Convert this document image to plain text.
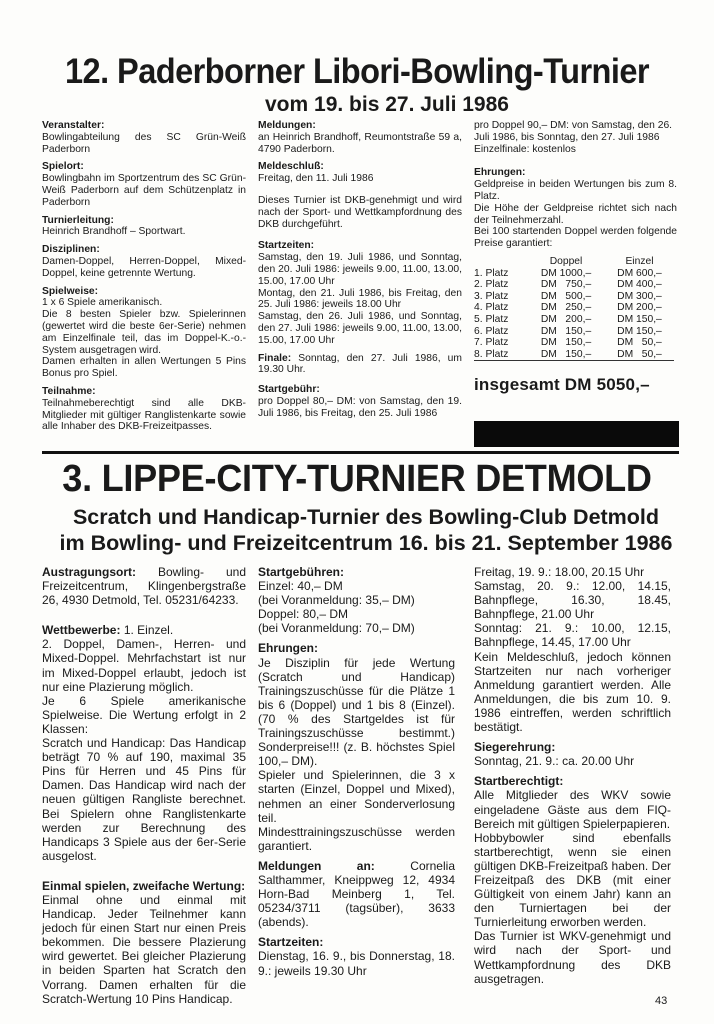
12. Paderborner Libori-Bowling-Turnier
vom 19. bis 27. Juli 1986
Veranstalter:
Bowlingabteilung des SC Grün-Weiß Paderborn
Spielort:
Bowlingbahn im Sportzentrum des SC Grün-Weiß Paderborn auf dem Schützenplatz in Paderborn
Turnierleitung:
Heinrich Brandhoff – Sportwart.
Disziplinen:
Damen-Doppel, Herren-Doppel, Mixed-Doppel, keine getrennte Wertung.
Spielweise:
1 x 6 Spiele amerikanisch.
Die 8 besten Spieler bzw. Spielerinnen (gewertet wird die beste 6er-Serie) nehmen am Einzelfinale teil, das im Doppel-K.-o.-System ausgetragen wird.
Damen erhalten in allen Wertungen 5 Pins Bonus pro Spiel.
Teilnahme:
Teilnahmeberechtigt sind alle DKB-Mitglieder mit gültiger Ranglistenkarte sowie alle Inhaber des DKB-Freizeitpasses.
Meldungen:
an Heinrich Brandhoff, Reumontstraße 59 a, 4790 Paderborn.
Meldeschluß:
Freitag, den 11. Juli 1986
Dieses Turnier ist DKB-genehmigt und wird nach der Sport- und Wettkampfordnung des DKB durchgeführt.
Startzeiten:
Samstag, den 19. Juli 1986, und Sonntag, den 20. Juli 1986: jeweils 9.00, 11.00, 13.00, 15.00, 17.00 Uhr
Montag, den 21. Juli 1986, bis Freitag, den 25. Juli 1986: jeweils 18.00 Uhr
Samstag, den 26. Juli 1986, und Sonntag, den 27. Juli 1986: jeweils 9.00, 11.00, 13.00, 15.00, 17.00 Uhr
Finale: Sonntag, den 27. Juli 1986, um 19.30 Uhr.
Startgebühr:
pro Doppel 80,– DM: von Samstag, den 19. Juli 1986, bis Freitag, den 25. Juli 1986
pro Doppel 90,– DM: von Samstag, den 26. Juli 1986, bis Sonntag, den 27. Juli 1986
Einzelfinale: kostenlos
Ehrungen:
Geldpreise in beiden Wertungen bis zum 8. Platz.
Die Höhe der Geldpreise richtet sich nach der Teilnehmerzahl.
Bei 100 startenden Doppel werden folgende Preise garantiert:
	Doppel	Einzel
1. Platz	DM 1000,–	DM 600,–
2. Platz	DM   750,–	DM 400,–
3. Platz	DM   500,–	DM 300,–
4. Platz	DM   250,–	DM 200,–
5. Platz	DM   200,–	DM 150,–
6. Platz	DM   150,–	DM 150,–
7. Platz	DM   150,–	DM   50,–
8. Platz	DM   150,–	DM   50,–
insgesamt DM 5050,–
3. LIPPE-CITY-TURNIER DETMOLD
Scratch und Handicap-Turnier des Bowling-Club Detmold
im Bowling- und Freizeitcentrum 16. bis 21. September 1986
Austragungsort: Bowling- und Freizeitcentrum, Klingenbergstraße 26, 4930 Detmold, Tel. 05231/64233.
Wettbewerbe: 1. Einzel.
2. Doppel, Damen-, Herren- und Mixed-Doppel. Mehrfachstart ist nur im Mixed-Doppel erlaubt, jedoch ist nur eine Plazierung möglich.
Je 6 Spiele amerikanische Spielweise. Die Wertung erfolgt in 2 Klassen:
Scratch und Handicap: Das Handicap beträgt 70 % auf 190, maximal 35 Pins für Herren und 45 Pins für Damen. Das Handicap wird nach der neuen gültigen Rangliste berechnet. Bei Spielern ohne Ranglistenkarte werden zur Berechnung des Handicaps 3 Spiele aus der 6er-Serie ausgelost.
Einmal spielen, zweifache Wertung:
Einmal ohne und einmal mit Handicap. Jeder Teilnehmer kann jedoch für einen Start nur einen Preis bekommen. Die bessere Plazierung wird gewertet. Bei gleicher Plazierung in beiden Sparten hat Scratch den Vorrang. Damen erhalten für die Scratch-Wertung 10 Pins Handicap.
Startgebühren:
Einzel: 40,– DM
(bei Voranmeldung: 35,– DM)
Doppel: 80,– DM
(bei Voranmeldung: 70,– DM)
Ehrungen:
Je Disziplin für jede Wertung (Scratch und Handicap) Trainingszuschüsse für die Plätze 1 bis 6 (Doppel) und 1 bis 8 (Einzel). (70 % des Startgeldes ist für Trainingszuschüsse bestimmt.) Sonderpreise!!! (z. B. höchstes Spiel 100,– DM).
Spieler und Spielerinnen, die 3 x starten (Einzel, Doppel und Mixed), nehmen an einer Sonderverlosung teil.
Mindesttrainingszuschüsse werden garantiert.
Meldungen an:	Cornelia Salthammer, Kneippweg 12, 4934 Horn-Bad Meinberg 1, Tel. 05234/3711 (tagsüber), 3633 (abends).
Startzeiten:
Dienstag, 16. 9., bis Donnerstag, 18. 9.: jeweils 19.30 Uhr
Freitag, 19. 9.: 18.00, 20.15 Uhr
Samstag, 20. 9.: 12.00, 14.15, Bahnpflege, 16.30, 18.45, Bahnpflege, 21.00 Uhr
Sonntag: 21. 9.: 10.00, 12.15, Bahnpflege, 14.45, 17.00 Uhr
Kein Meldeschluß, jedoch können Startzeiten nur nach vorheriger Anmeldung garantiert werden. Alle Anmeldungen, die bis zum 10. 9. 1986 eintreffen, werden schriftlich bestätigt.
Siegerehrung:
Sonntag, 21. 9.: ca. 20.00 Uhr
Startberechtigt:
Alle Mitglieder des WKV sowie eingeladene Gäste aus dem FIQ-Bereich mit gültigen Spielerpapieren.
Hobbybowler sind ebenfalls startberechtigt, wenn sie einen gültigen DKB-Freizeitpaß haben. Der Freizeitpaß des DKB (mit einer Gültigkeit von einem Jahr) kann an den Turniertagen bei der Turnierleitung erworben werden.
Das Turnier ist WKV-genehmigt und wird nach der Sport- und Wettkampfordnung des DKB ausgetragen.
43
